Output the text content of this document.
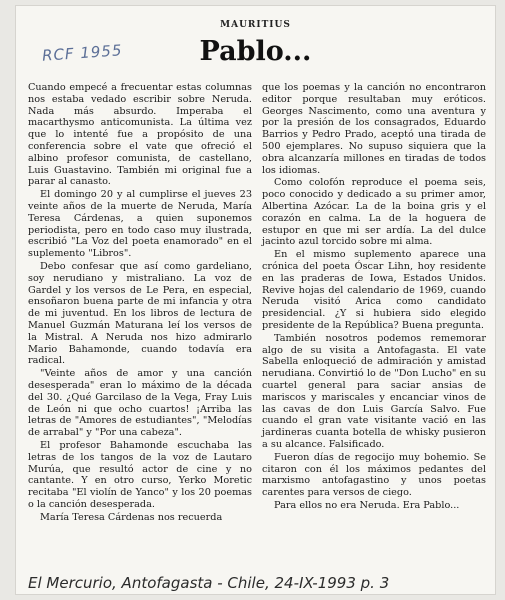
MAURITIUS
RCF 1955	Pablo...

Cuando empecé a frecuentar estas columnas nos estaba vedado escribir sobre Neruda. Nada más absurdo. Imperaba el macarthysmo anticomunista. La última vez que lo intenté fue a propósito de una conferencia sobre el vate que ofreció el albino profesor comunista, de castellano, Luis Guastavino. También mi original fue a parar al canasto.

El domingo 20 y al cumplirse el jueves 23 veinte años de la muerte de Neruda, María Teresa Cárdenas, a quien suponemos periodista, pero en todo caso muy ilustrada, escribió "La Voz del poeta enamorado" en el suplemento "Libros".

Debo confesar que así como gardeliano, soy nerudiano y mistraliano. La voz de Gardel y los versos de Le Pera, en especial, ensoñaron buena parte de mi infancia y otra de mi juventud. En los libros de lectura de Manuel Guzmán Maturana leí los versos de la Mistral. A Neruda nos hizo admirarlo Mario Bahamonde, cuando todavía era radical.

"Veinte años de amor y una canción desesperada" eran lo máximo de la década del 30. ¿Qué Garcilaso de la Vega, Fray Luis de León ni que ocho cuartos! ¡Arriba las letras de "Amores de estudiantes", "Melodías de arrabal" y "Por una cabeza".

El profesor Bahamonde escuchaba las letras de los tangos de la voz de Lautaro Murúa, que resultó actor de cine y no cantante. Y en otro curso, Yerko Moretic recitaba "El violín de Yanco" y los 20 poemas o la canción desesperada.

María Teresa Cárdenas nos recuerda

que los poemas y la canción no encontraron editor porque resultaban muy eróticos. Georges Nascimento, como una aventura y por la presión de los consagrados, Eduardo Barrios y Pedro Prado, aceptó una tirada de 500 ejemplares. No supuso siquiera que la obra alcanzaría millones en tiradas de todos los idiomas.

Como colofón reproduce el poema seis, poco conocido y dedicado a su primer amor, Albertina Azócar. La de la boina gris y el corazón en calma. La de la hoguera de estupor en que mi ser ardía. La del dulce jacinto azul torcido sobre mi alma.

En el mismo suplemento aparece una crónica del poeta Óscar Lihn, hoy residente en las praderas de Iowa, Estados Unidos. Revive hojas del calendario de 1969, cuando Neruda visitó Arica como candidato presidencial. ¿Y si hubiera sido elegido presidente de la República? Buena pregunta.

También nosotros podemos rememorar algo de su visita a Antofagasta. El vate Sabella enloqueció de admiración y amistad nerudiana. Convirtió lo de "Don Lucho" en su cuartel general para saciar ansias de mariscos y mariscales y encanciar vinos de las cavas de don Luis García Salvo. Fue cuando el gran vate visitante vació en las jardineras cuanta botella de whisky pusieron a su alcance. Falsificado.

Fueron días de regocijo muy bohemio. Se citaron con él los máximos pedantes del marxismo antofagastino y unos poetas carentes para versos de ciego.

Para ellos no era Neruda. Era Pablo...

El Mercurio, Antofagasta - Chile, 24-IX-1993 p. 3
